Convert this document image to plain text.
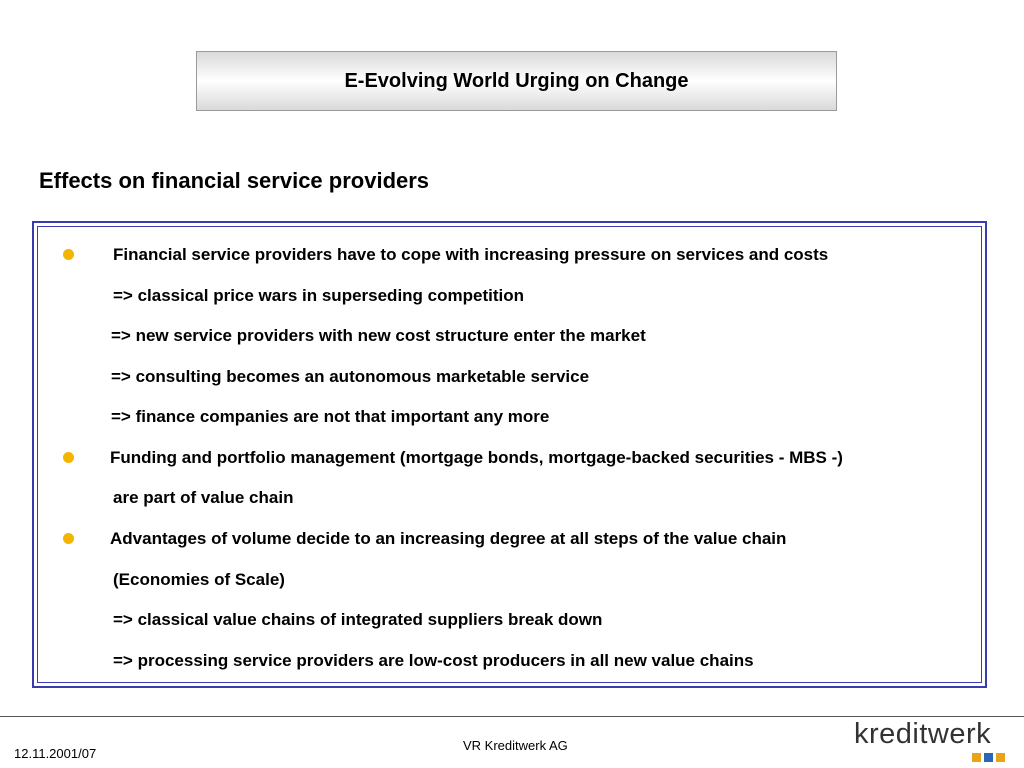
E-Evolving World Urging on Change
Effects on financial service providers
Financial service providers have to cope with increasing pressure on services and costs
=> classical price wars in superseding competition
=> new service providers with new cost structure enter the market
=> consulting becomes an autonomous marketable service
=> finance companies are not that important any more
Funding and portfolio management (mortgage bonds, mortgage-backed securities - MBS -)
are part of value chain
Advantages of volume decide to an increasing degree at all steps of the value chain
(Economies of Scale)
=> classical value chains of integrated suppliers break down
=> processing service providers are low-cost producers in all new value chains
12.11.2001/07
VR Kreditwerk AG	kreditwerk
